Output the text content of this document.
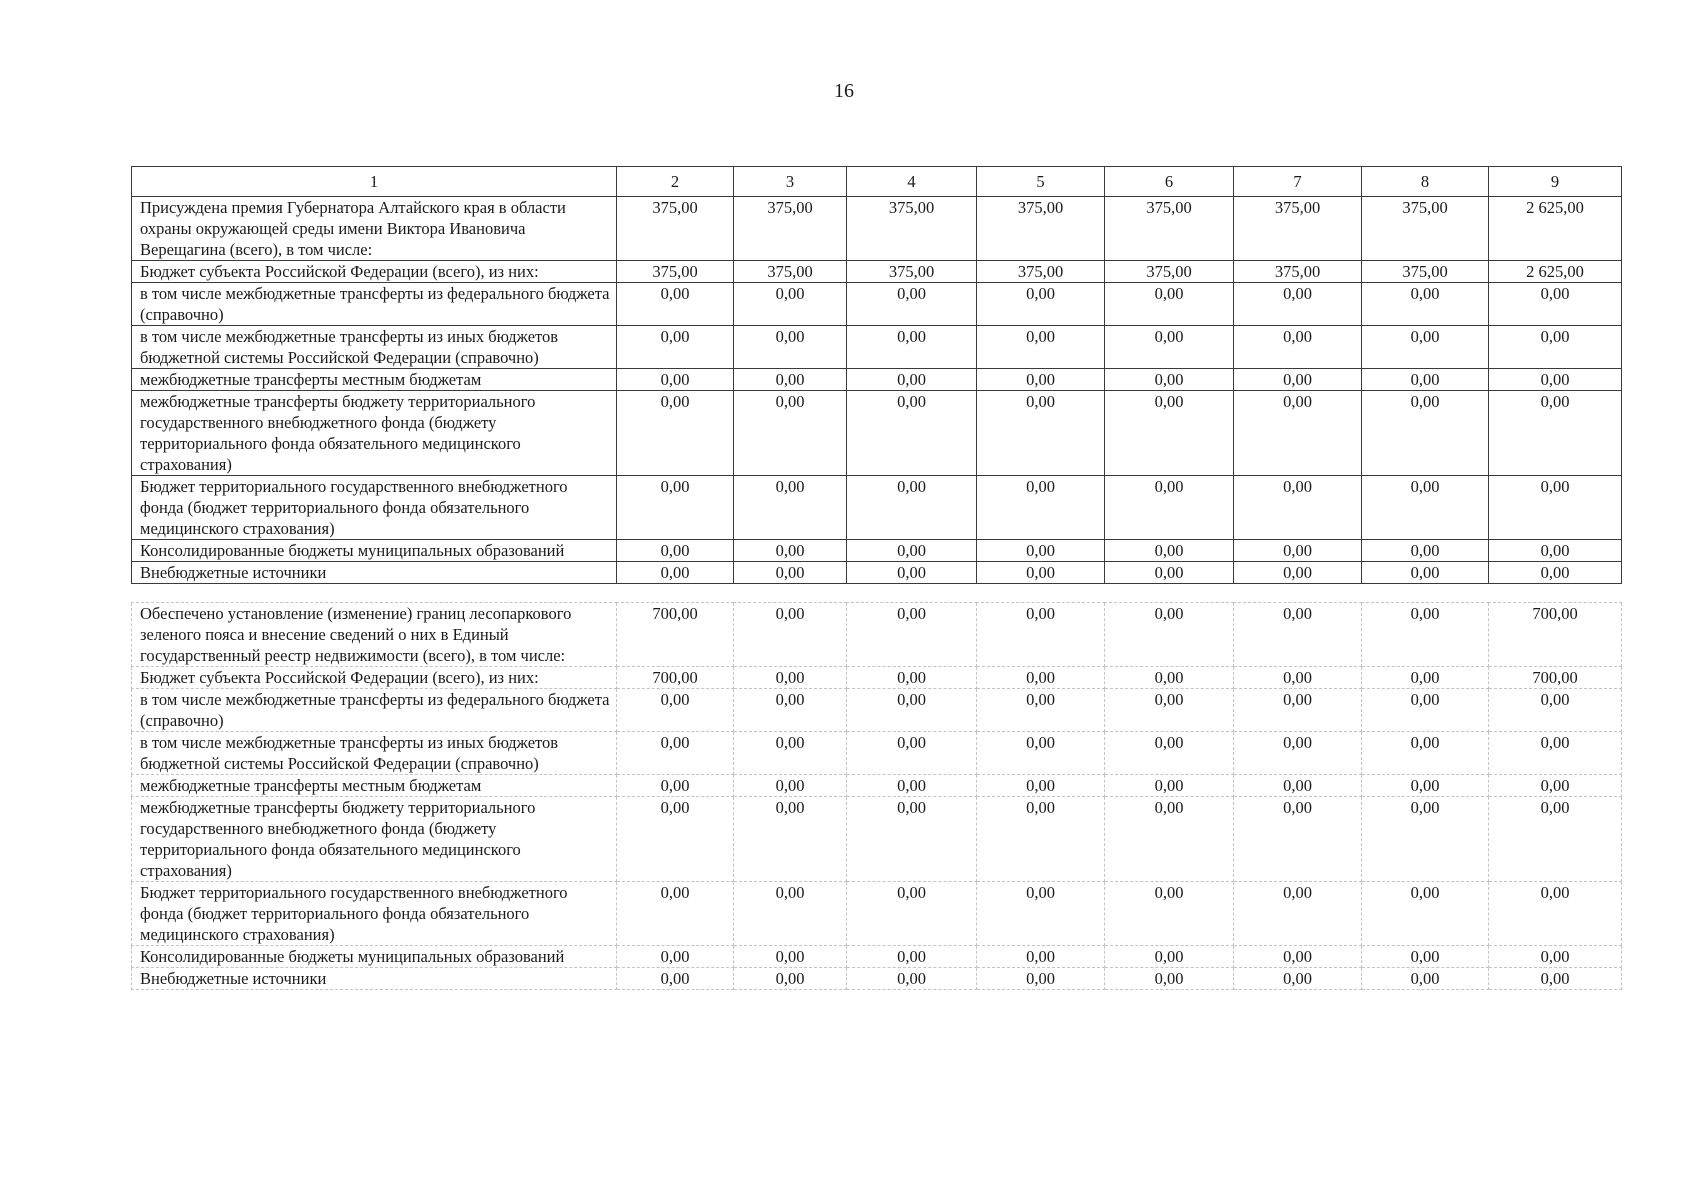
16
1	2	3	4	5	6	7	8	9
Присуждена премия Губернатора Алтайского края в области охраны окружающей среды имени Виктора Ивановича Верещагина (всего), в том числе:	375,00	375,00	375,00	375,00	375,00	375,00	375,00	2 625,00
Бюджет субъекта Российской Федерации (всего), из них:	375,00	375,00	375,00	375,00	375,00	375,00	375,00	2 625,00
в том числе межбюджетные трансферты из федерального бюджета (справочно)	0,00	0,00	0,00	0,00	0,00	0,00	0,00	0,00
в том числе межбюджетные трансферты из иных бюджетов бюджетной системы Российской Федерации (справочно)	0,00	0,00	0,00	0,00	0,00	0,00	0,00	0,00
межбюджетные трансферты местным бюджетам	0,00	0,00	0,00	0,00	0,00	0,00	0,00	0,00
межбюджетные трансферты бюджету территориального государственного внебюджетного фонда (бюджету территориального фонда обязательного медицинского страхования)	0,00	0,00	0,00	0,00	0,00	0,00	0,00	0,00
Бюджет территориального государственного внебюджетного фонда (бюджет территориального фонда обязательного медицинского страхования)	0,00	0,00	0,00	0,00	0,00	0,00	0,00	0,00
Консолидированные бюджеты муниципальных образований	0,00	0,00	0,00	0,00	0,00	0,00	0,00	0,00
Внебюджетные источники	0,00	0,00	0,00	0,00	0,00	0,00	0,00	0,00

Обеспечено установление (изменение) границ лесопаркового зеленого пояса и внесение сведений о них в Единый государственный реестр недвижимости (всего), в том числе:	700,00	0,00	0,00	0,00	0,00	0,00	0,00	700,00
Бюджет субъекта Российской Федерации (всего), из них:	700,00	0,00	0,00	0,00	0,00	0,00	0,00	700,00
в том числе межбюджетные трансферты из федерального бюджета (справочно)	0,00	0,00	0,00	0,00	0,00	0,00	0,00	0,00
в том числе межбюджетные трансферты из иных бюджетов бюджетной системы Российской Федерации (справочно)	0,00	0,00	0,00	0,00	0,00	0,00	0,00	0,00
межбюджетные трансферты местным бюджетам	0,00	0,00	0,00	0,00	0,00	0,00	0,00	0,00
межбюджетные трансферты бюджету территориального государственного внебюджетного фонда (бюджету территориального фонда обязательного медицинского страхования)	0,00	0,00	0,00	0,00	0,00	0,00	0,00	0,00
Бюджет территориального государственного внебюджетного фонда (бюджет территориального фонда обязательного медицинского страхования)	0,00	0,00	0,00	0,00	0,00	0,00	0,00	0,00
Консолидированные бюджеты муниципальных образований	0,00	0,00	0,00	0,00	0,00	0,00	0,00	0,00
Внебюджетные источники	0,00	0,00	0,00	0,00	0,00	0,00	0,00	0,00
